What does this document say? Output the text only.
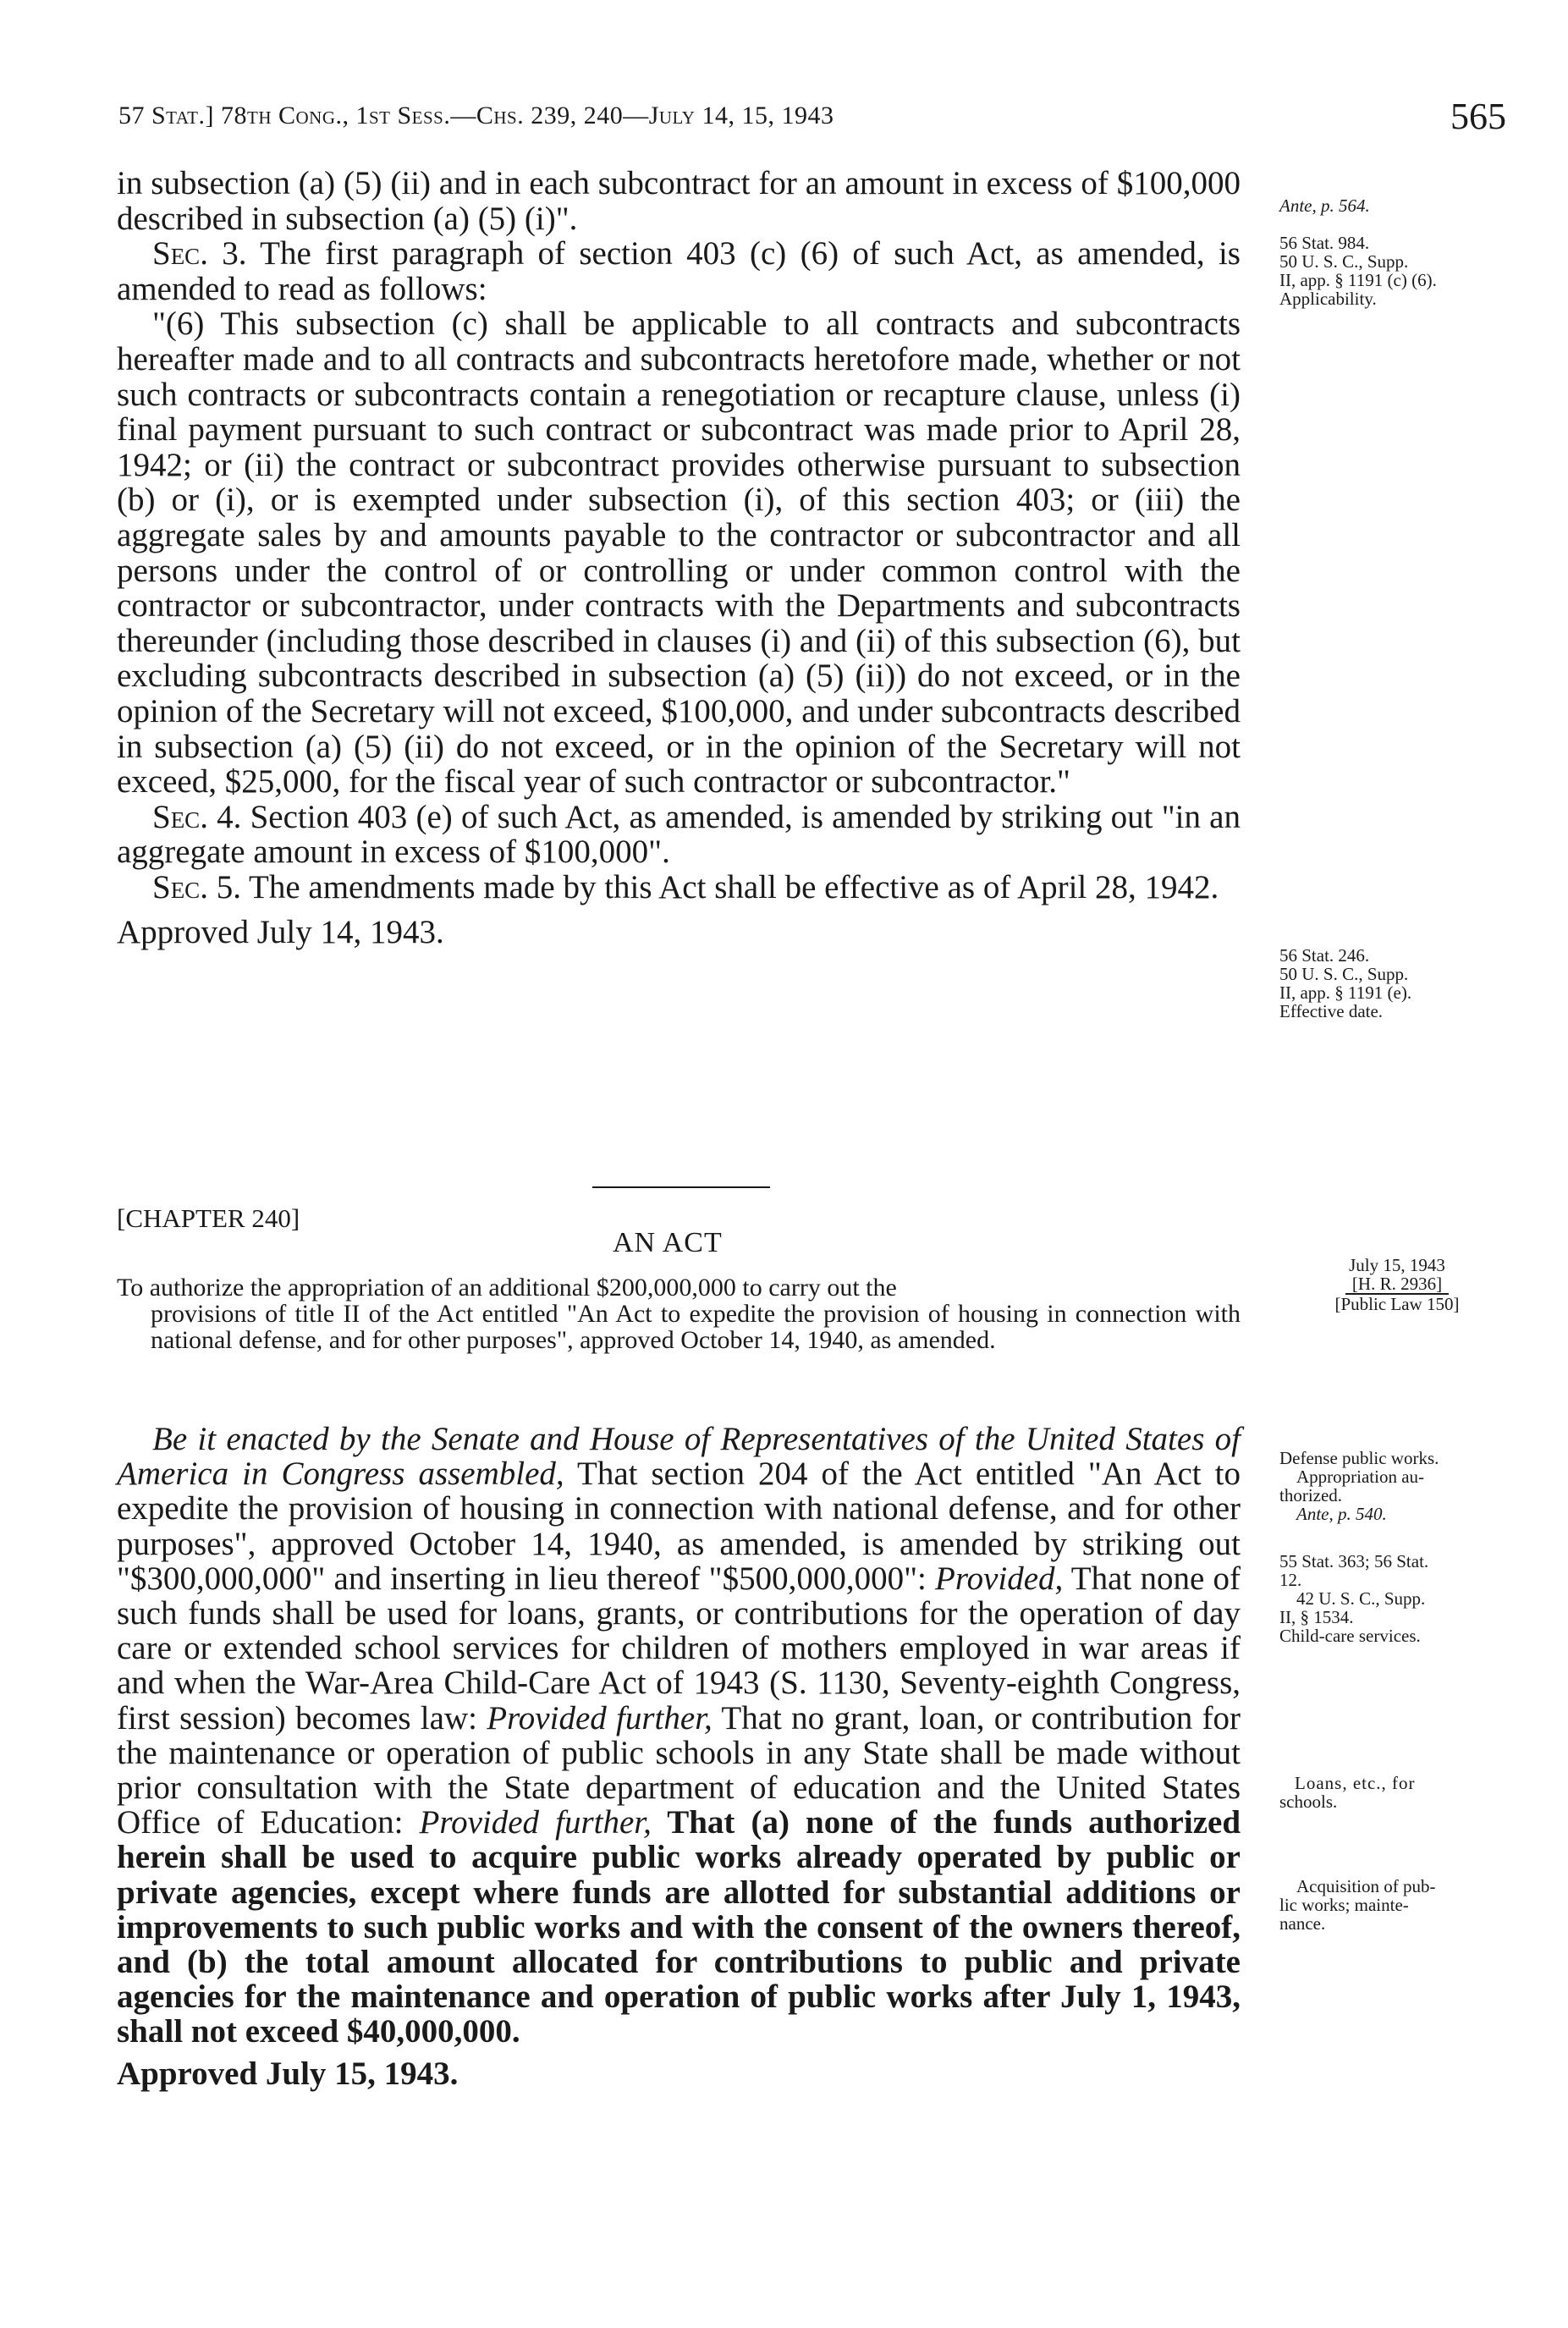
57 Stat.] 78th Cong., 1st Sess.—Chs. 239, 240—July 14, 15, 1943	565

in subsection (a) (5) (ii) and in each subcontract for an amount in excess of $100,000 described in subsection (a) (5) (i)".

Sec. 3. The first paragraph of section 403 (c) (6) of such Act, as amended, is amended to read as follows:

"(6) This subsection (c) shall be applicable to all contracts and subcontracts hereafter made and to all contracts and subcontracts heretofore made, whether or not such contracts or subcontracts contain a renegotiation or recapture clause, unless (i) final payment pursuant to such contract or subcontract was made prior to April 28, 1942; or (ii) the contract or subcontract provides otherwise pursuant to subsection (b) or (i), or is exempted under subsection (i), of this section 403; or (iii) the aggregate sales by and amounts payable to the contractor or subcontractor and all persons under the control of or controlling or under common control with the contractor or subcontractor, under contracts with the Departments and subcontracts thereunder (including those described in clauses (i) and (ii) of this subsection (6), but excluding subcontracts described in subsection (a) (5) (ii)) do not exceed, or in the opinion of the Secretary will not exceed, $100,000, and under subcontracts described in subsection (a) (5) (ii) do not exceed, or in the opinion of the Secretary will not exceed, $25,000, for the fiscal year of such contractor or subcontractor."

Sec. 4. Section 403 (e) of such Act, as amended, is amended by striking out "in an aggregate amount in excess of $100,000".

Sec. 5. The amendments made by this Act shall be effective as of April 28, 1942.

Approved July 14, 1943.

Ante, p. 564.
56 Stat. 984.
50 U. S. C., Supp.
II, app. § 1191 (c) (6).
Applicability.
56 Stat. 246.
50 U. S. C., Supp.
II, app. § 1191 (e).
Effective date.
[CHAPTER 240]
AN ACT
July 15, 1943
[H. R. 2936]
[Public Law 150]
To authorize the appropriation of an additional $200,000,000 to carry out the
provisions of title II of the Act entitled "An Act to expedite the provision of housing in connection with national defense, and for other purposes", approved October 14, 1940, as amended.

Be it enacted by the Senate and House of Representatives of the United States of America in Congress assembled, That section 204 of the Act entitled "An Act to expedite the provision of housing in connection with national defense, and for other purposes", approved October 14, 1940, as amended, is amended by striking out "$300,000,000" and inserting in lieu thereof "$500,000,000": Provided, That none of such funds shall be used for loans, grants, or contributions for the operation of day care or extended school services for children of mothers employed in war areas if and when the War-Area Child-Care Act of 1943 (S. 1130, Seventy-eighth Congress, first session) becomes law: Provided further, That no grant, loan, or contribution for the maintenance or operation of public schools in any State shall be made without prior consultation with the State department of education and the United States Office of Education: Provided further, That (a) none of the funds authorized herein shall be used to acquire public works already operated by public or private agencies, except where funds are allotted for substantial additions or improvements to such public works and with the consent of the owners thereof, and (b) the total amount allocated for contributions to public and private agencies for the maintenance and operation of public works after July 1, 1943, shall not exceed $40,000,000.

Approved July 15, 1943.

Defense public works.
Appropriation au-
thorized.
Ante, p. 540.
55 Stat. 363; 56 Stat.
12.
42 U. S. C., Supp.
II, § 1534.
Child-care services.
Loans, etc., for
schools.
Acquisition of pub-
lic works; mainte-
nance.
